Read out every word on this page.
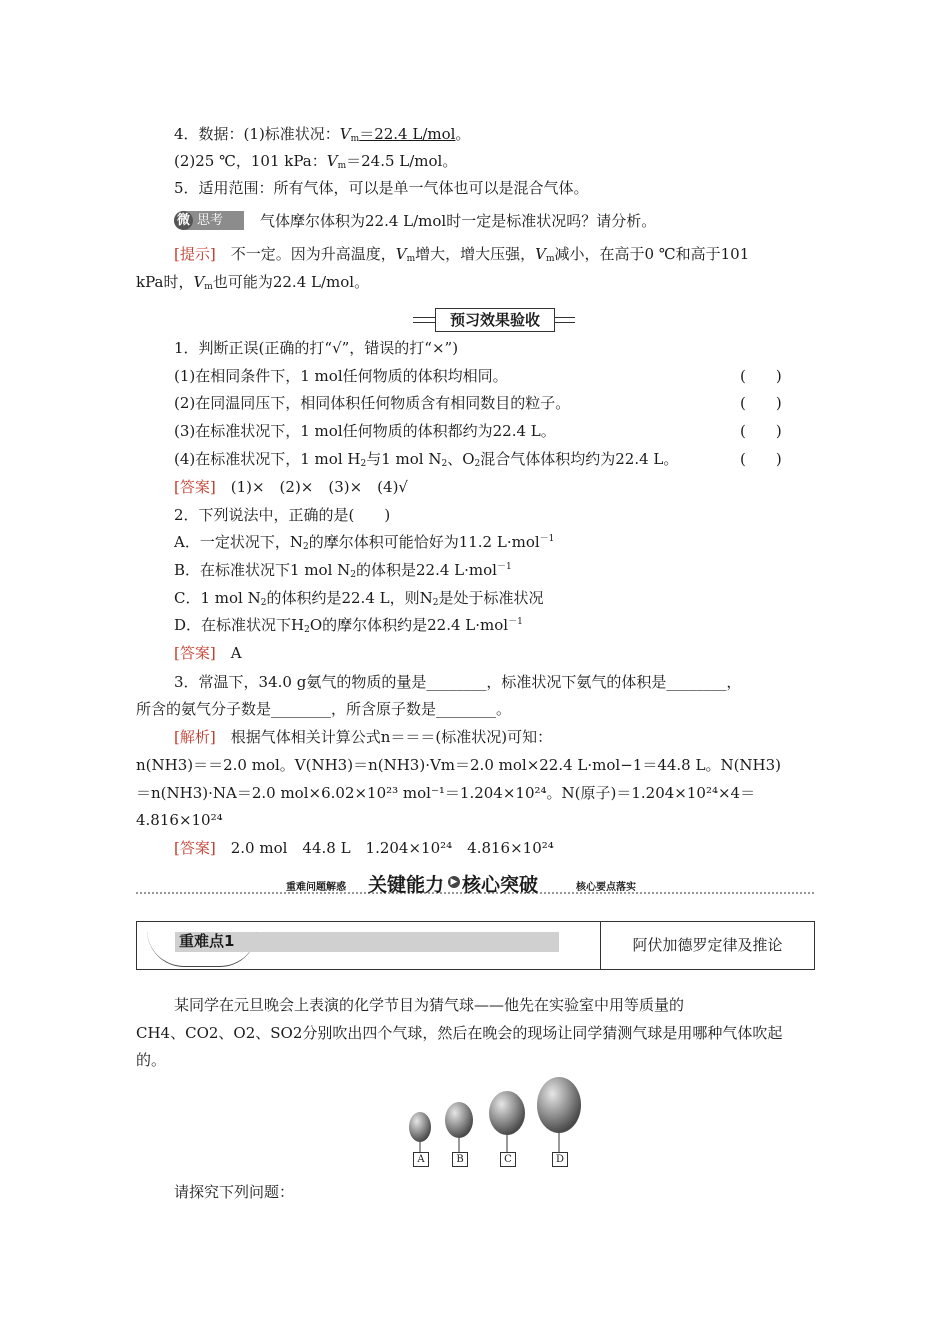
4．数据：(1)标准状况：$V_m=22.4$ L/mol。
(2)25 ℃，101 kPa：$V_m=24.5$ L/mol。
5．适用范围：所有气体，可以是单一气体也可以是混合气体。
微 思考	气体摩尔体积为22.4 L/mol时一定是标准状况吗？请分析。
[提示]　 不一定。因为升高温度，$V_m$增大，增大压强，$V_m$减小，在高于0 ℃和高于101
kPa时，$V_m$也可能为22.4 L/mol。
预习效果验收
1．判断正误(正确的打“√”，错误的打“×”)
(1)在相同条件下，1 mol任何物质的体积均相同。	(　　)
(2)在同温同压下，相同体积任何物质含有相同数目的粒子。	(　　)
(3)在标准状况下，1 mol任何物质的体积都约为22.4 L。	(　　)
(4)在标准状况下，1 mol $H_2$与1 mol $N_2$、$O_2$混合气体体积均约为22.4 L。	(　　)
[答案]　 (1)×　(2)×　(3)×　(4)√
2．下列说法中，正确的是(　　)
A．一定状况下，$N_2$的摩尔体积可能恰好为11.2 L·mol$^{-1}$
B．在标准状况下1 mol $N_2$的体积是22.4 L·mol$^{-1}$
C．1 mol $N_2$的体积约是22.4 L，则$N_2$是处于标准状况
D．在标准状况下$H_2O$的摩尔体积约是22.4 L·mol$^{-1}$
[答案]　 A
3．常温下，34.0 g氨气的物质的量是________，标准状况下氨气的体积是________，
所含的氨气分子数是________，所含原子数是________。
[解析]　 根据气体相关计算公式n＝＝＝(标准状况)可知：
n(NH3)＝＝2.0 mol。V(NH3)＝n(NH3)·Vm＝2.0 mol×22.4 L·mol−1＝44.8 L。N(NH3)
＝n(NH3)·NA＝2.0 mol×6.02×10²³ mol⁻¹＝1.204×10²⁴。N(原子)＝1.204×10²⁴×4＝
4.816×10²⁴
[答案]　 2.0 mol　44.8 L　1.204×10²⁴　4.816×10²⁴
重难问题解惑 关键能力 ▶ 核心突破	核心要点落实
重难点1	阿伏加德罗定律及推论
某同学在元旦晚会上表演的化学节目为猜气球——他先在实验室中用等质量的
CH4、CO2、O2、SO2分别吹出四个气球，然后在晚会的现场让同学猜测气球是用哪种气体吹起
的。
A	B	C	D
请探究下列问题：
